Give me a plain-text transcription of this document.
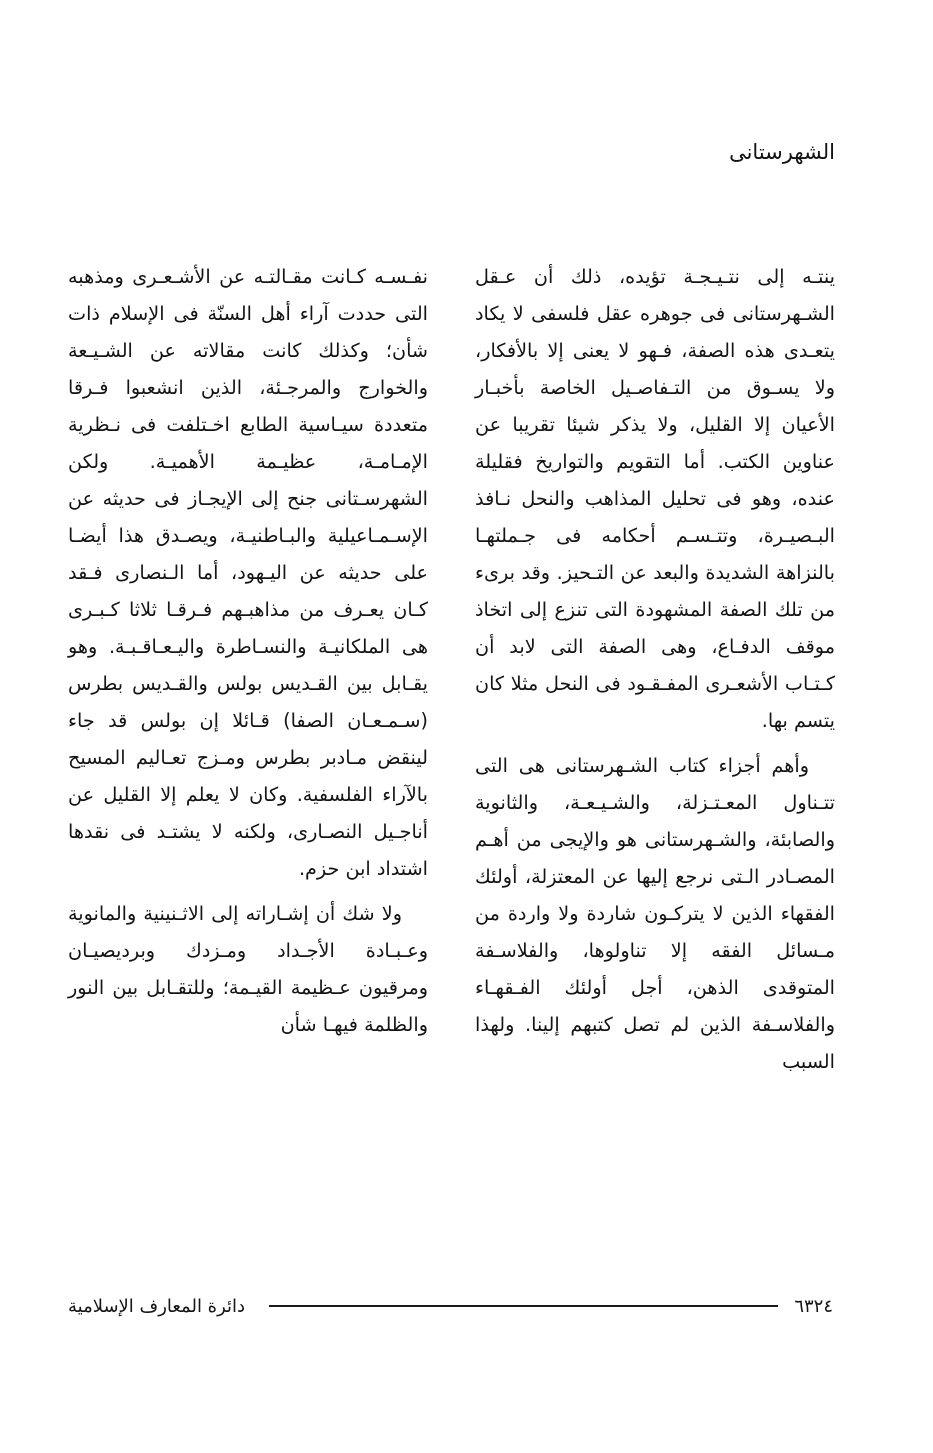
الشهرستانى

ينتـه إلى نتـيـجـة تؤيده، ذلك أن عـقل الشـهرستانى فى جوهره عقل فلسفى لا يكاد يتعـدى هذه الصفة، فـهو لا يعنى إلا بالأفكار، ولا يسـوق من التـفاصـيل الخاصة بأخبـار الأعيان إلا القليل، ولا يذكر شيئا تقريبا عن عناوين الكتب. أما التقويم والتواريخ فقليلة عنده، وهو فى تحليل المذاهب والنحل نـافذ البـصيـرة، وتتـسـم أحكامه فى جـملتهـا بالنزاهة الشديدة والبعد عن التـحيز. وقد برىء من تلك الصفة المشهودة التى تنزع إلى اتخاذ موقف الدفـاع، وهى الصفة التى لابد أن كـتـاب الأشعـرى المفـقـود فى النحل مثلا كان يتسم بها.

وأهم أجزاء كتاب الشـهرستانى هى التى تتـناول المعـتـزلة، والشـيـعـة، والثانوية والصابئة، والشـهرستانى هو والإيجى من أهـم المصـادر الـتى نرجع إليها عن المعتزلة، أولئك الفقهاء الذين لا يتركـون شاردة ولا واردة من مـسائل الفقه إلا تناولوها، والفلاسـفة المتوقدى الذهن، أجل أولئك الفـقهـاء والفلاسـفة الذين لم تصل كتبهم إلينا. ولهذا السبب

نفـسـه كـانت مقـالتـه عن الأشـعـرى ومذهبه التى حددت آراء أهل السنّة فى الإسلام ذات شأن؛ وكذلك كانت مقالاته عن الشـيـعة والخوارج والمرجـئة، الذين انشعبوا فـرقا متعددة سيـاسية الطابع اخـتلفت فى نـظرية الإمـامـة، عظيـمة الأهميـة. ولكن الشهرسـتانى جنح إلى الإيجـاز فى حديثه عن الإسـمـاعيلية والبـاطنيـة، ويصـدق هذا أيضـا على حديثه عن اليـهود، أما الـنصارى فـقد كـان يعـرف من مذاهبـهم فـرقـا ثلاثا كـبـرى هى الملكانيـة والنسـاطرة واليـعـاقـبـة. وهو يقـابل بين القـديس بولس والقـديس بطرس (سـمـعـان الصفا) قـائلا إن بولس قد جاء لينقض مـادبر بطرس ومـزج تعـاليم المسيح بالآراء الفلسفية. وكان لا يعلم إلا القليل عن أناجـيل النصـارى، ولكنه لا يشتـد فى نقدها اشتداد ابن حزم.

ولا شك أن إشـاراته إلى الاثـنينية والمانوية وعـبـادة الأجـداد ومـزدك وبرديصيـان ومرقيون عـظيمة القيـمة؛ وللتقـابل بين النور والظلمة فيهـا شأن

دائرة المعارف الإسلامية	٦٣٢٤
